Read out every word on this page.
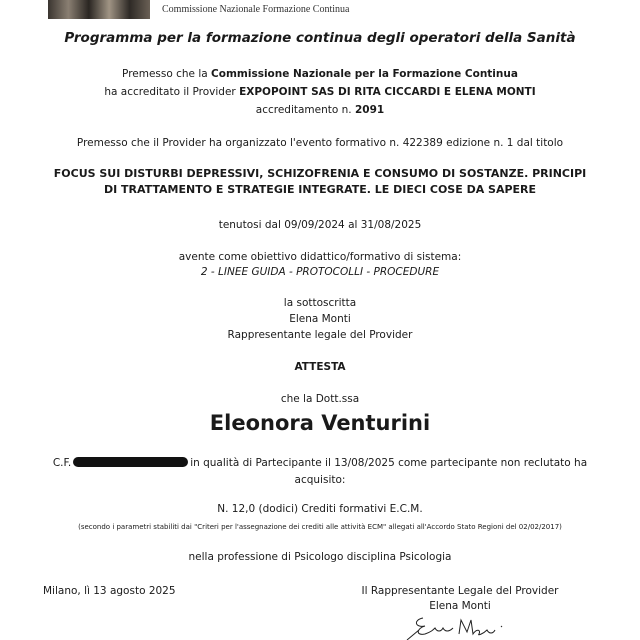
Commissione Nazionale Formazione Continua
Programma per la formazione continua degli operatori della Sanità
Premesso che la Commissione Nazionale per la Formazione Continua
ha accreditato il Provider EXPOPOINT SAS DI RITA CICCARDI E ELENA MONTI
accreditamento n. 2091
Premesso che il Provider ha organizzato l'evento formativo n. 422389 edizione n. 1 dal titolo
FOCUS SUI DISTURBI DEPRESSIVI, SCHIZOFRENIA E CONSUMO DI SOSTANZE. PRINCIPI
DI TRATTAMENTO E STRATEGIE INTEGRATE. LE DIECI COSE DA SAPERE
tenutosi dal 09/09/2024 al 31/08/2025
avente come obiettivo didattico/formativo di sistema:
2 - LINEE GUIDA - PROTOCOLLI - PROCEDURE
la sottoscritta
Elena Monti
Rappresentante legale del Provider
ATTESTA
che la Dott.ssa
Eleonora Venturini
C.F.	in qualità di Partecipante il 13/08/2025 come partecipante non reclutato ha
acquisito:
N. 12,0 (dodici) Crediti formativi E.C.M.
(secondo i parametri stabiliti dai "Criteri per l'assegnazione dei crediti alle attività ECM" allegati all'Accordo Stato Regioni del 02/02/2017)
nella professione di Psicologo disciplina Psicologia
Milano, lì 13 agosto 2025	Il Rappresentante Legale del Provider
Elena Monti
